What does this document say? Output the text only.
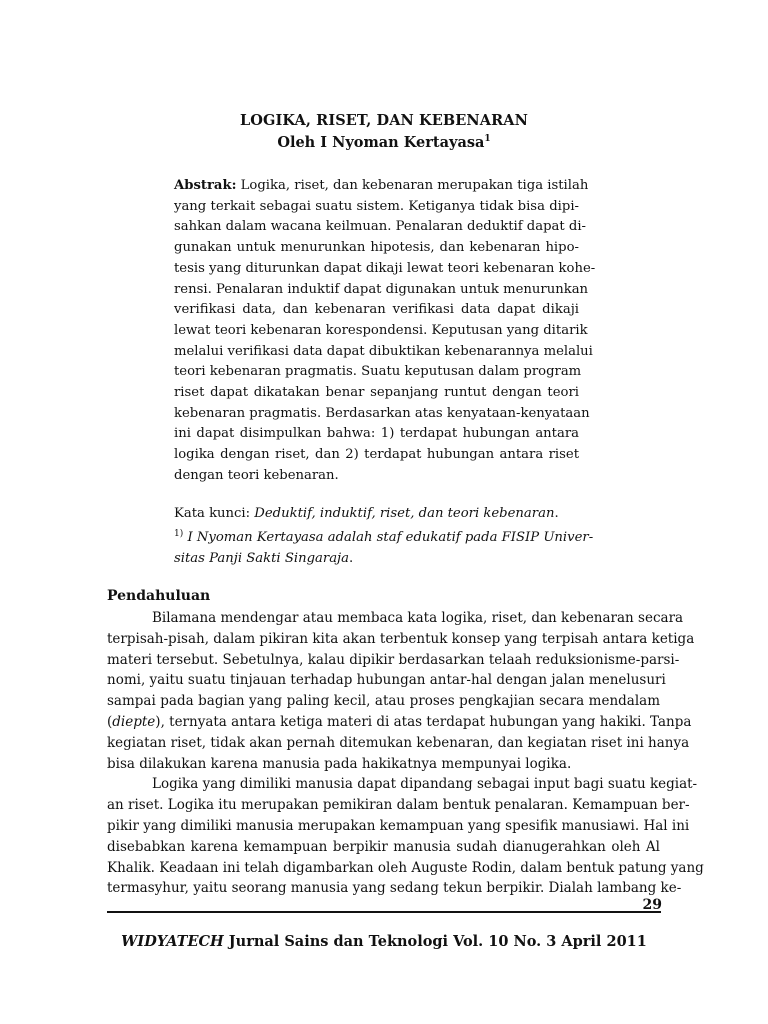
LOGIKA, RISET, DAN KEBENARAN
Oleh I Nyoman Kertayasa$^1$
Abstrak: Logika, riset, dan kebenaran merupakan tiga istilah
yang terkait sebagai suatu sistem. Ketiganya tidak bisa dipi-
sahkan dalam wacana keilmuan. Penalaran deduktif dapat di-
gunakan untuk menurunkan hipotesis, dan kebenaran hipo-
tesis yang diturunkan dapat dikaji lewat teori kebenaran kohe-
rensi. Penalaran induktif dapat digunakan untuk menurunkan
verifikasi data, dan kebenaran verifikasi data dapat dikaji
lewat teori kebenaran korespondensi. Keputusan yang ditarik
melalui verifikasi data dapat dibuktikan kebenarannya melalui
teori kebenaran pragmatis. Suatu keputusan dalam program
riset dapat dikatakan benar sepanjang runtut dengan teori
kebenaran pragmatis. Berdasarkan atas kenyataan-kenyataan
ini dapat disimpulkan bahwa: 1) terdapat hubungan antara
logika dengan riset, dan 2) terdapat hubungan antara riset
dengan teori kebenaran.
Kata kunci: Deduktif, induktif, riset, dan teori kebenaran.
$^{1)}$ I Nyoman Kertayasa adalah staf edukatif pada FISIP Univer-
sitas Panji Sakti Singaraja.
Pendahuluan
Bilamana mendengar atau membaca kata logika, riset, dan kebenaran secara
terpisah-pisah, dalam pikiran kita akan terbentuk konsep yang terpisah antara ketiga
materi tersebut. Sebetulnya, kalau dipikir berdasarkan telaah reduksionisme-parsi-
nomi, yaitu suatu tinjauan terhadap hubungan antar-hal dengan jalan menelusuri
sampai pada bagian yang paling kecil, atau proses pengkajian secara mendalam
(diepte), ternyata antara ketiga materi di atas terdapat hubungan yang hakiki. Tanpa
kegiatan riset, tidak akan pernah ditemukan kebenaran, dan kegiatan riset ini hanya
bisa dilakukan karena manusia pada hakikatnya mempunyai logika.
Logika yang dimiliki manusia dapat dipandang sebagai input bagi suatu kegiat-
an riset. Logika itu merupakan pemikiran dalam bentuk penalaran. Kemampuan ber-
pikir yang dimiliki manusia merupakan kemampuan yang spesifik manusiawi. Hal ini
disebabkan karena kemampuan berpikir manusia sudah dianugerahkan oleh Al
Khalik. Keadaan ini telah digambarkan oleh Auguste Rodin, dalam bentuk patung yang
termasyhur, yaitu seorang manusia yang sedang tekun berpikir. Dialah lambang ke-
29
WIDYATECH Jurnal Sains dan Teknologi Vol. 10 No. 3 April 2011
